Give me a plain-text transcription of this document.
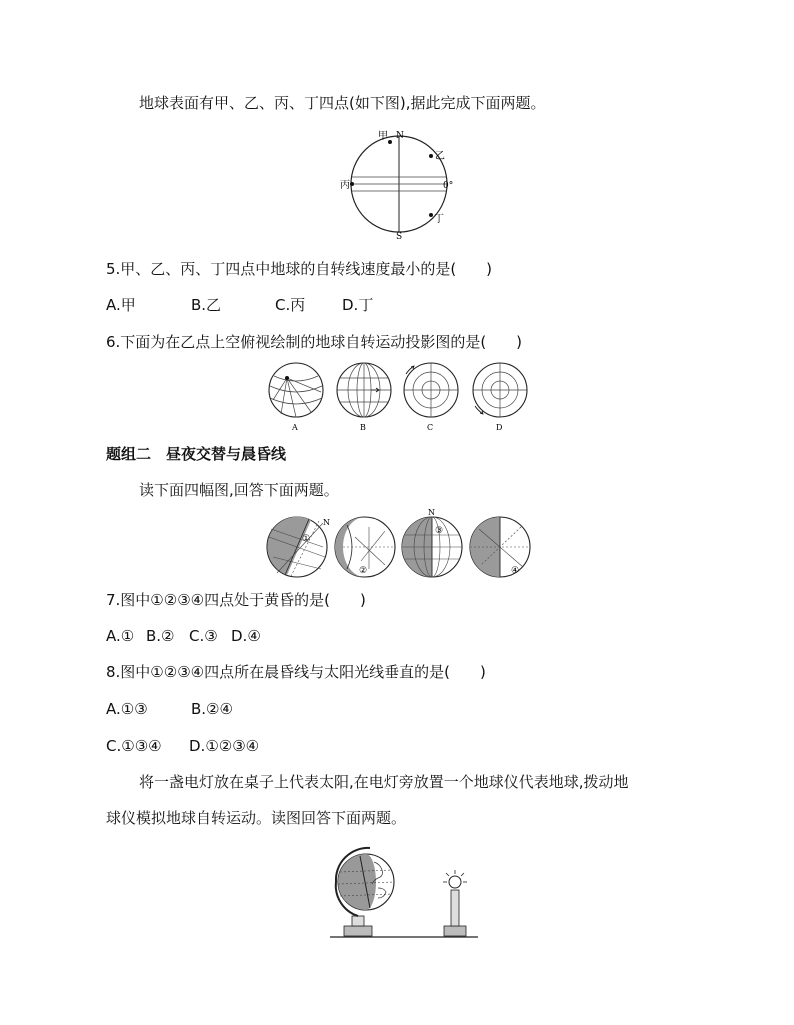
地球表面有甲、乙、丙、丁四点(如下图),据此完成下面两题。
甲 N
乙
丙	0°
丁
S
5.甲、乙、丙、丁四点中地球的自转线速度最小的是(　　)
A.甲	B.乙	C.丙 D.丁
6.下面为在乙点上空俯视绘制的地球自转运动投影图的是(　　)
A	B	C	D
题组二　昼夜交替与晨昏线
读下面四幅图,回答下面两题。
N
①
②
N
③
④
7.图中①②③④四点处于黄昏的是(　　)
A.① B.② C.③ D.④
8.图中①②③④四点所在晨昏线与太阳光线垂直的是(　　)
A.①③	B.②④
C.①③④ D.①②③④
将一盏电灯放在桌子上代表太阳,在电灯旁放置一个地球仪代表地球,拨动地
球仪模拟地球自转运动。读图回答下面两题。
